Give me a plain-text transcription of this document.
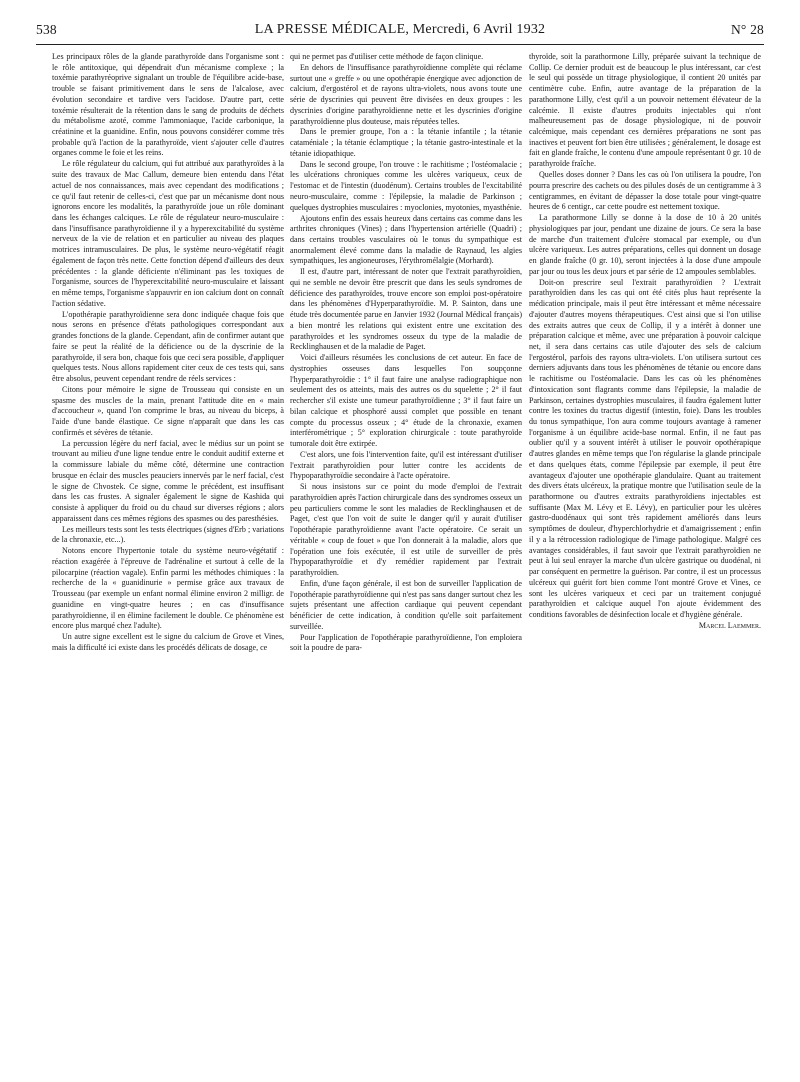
538	LA PRESSE MÉDICALE, Mercredi, 6 Avril 1932	N° 28

Les principaux rôles de la glande parathyroïde dans l'organisme sont : le rôle antitoxique, qui dépendrait d'un mécanisme complexe ; la toxémie parathyréoprive signalant un trouble de l'équilibre acide-base, trouble se faisant primitivement dans le sens de l'alcalose, avec évolution secondaire et tardive vers l'acidose. D'autre part, cette toxémie résulterait de la rétention dans le sang de produits de déchets du métabolisme azoté, comme l'ammoniaque, l'acide carbonique, la créatinine et la guanidine. Enfin, nous pouvons considérer comme très probable qu'à l'action de la parathyroïde, vient s'ajouter celle d'autres organes comme le foie et les reins.

Le rôle régulateur du calcium, qui fut attribué aux parathyroïdes à la suite des travaux de Mac Callum, demeure bien entendu dans l'état actuel de nos connaissances, mais avec cependant des modifications ; ce qu'il faut retenir de celles-ci, c'est que par un mécanisme dont nous ignorons encore les modalités, la parathyroïde joue un rôle dominant dans les échanges calciques. Le rôle de régulateur neuro-musculaire : dans l'insuffisance parathyroïdienne il y a hyperexcitabilité du système nerveux de la vie de relation et en particulier au niveau des plaques motrices intramusculaires. De plus, le système neuro-végétatif réagit également de façon très nette. Cette fonction dépend d'ailleurs des deux précédentes : la glande déficiente n'éliminant pas les toxiques de l'organisme, sources de l'hyperexcitabilité neuro-musculaire et laissant en même temps, l'organisme s'appauvrir en ion calcium dont on connaît l'action sédative.

L'opothérapie parathyroïdienne sera donc indiquée chaque fois que nous serons en présence d'états pathologiques correspondant aux grandes fonctions de la glande. Cependant, afin de confirmer autant que faire se peut la réalité de la déficience ou de la dyscrinie de la parathyroïde, il sera bon, chaque fois que ceci sera possible, d'appliquer quelques tests. Nous allons rapidement citer ceux de ces tests qui, sans être absolus, peuvent cependant rendre de réels services :

Citons pour mémoire le signe de Trousseau qui consiste en un spasme des muscles de la main, prenant l'attitude dite en « main d'accoucheur », quand l'on comprime le bras, au niveau du biceps, à l'aide d'une bande élastique. Ce signe n'apparaît que dans les cas confirmés et sévères de tétanie.

La percussion légère du nerf facial, avec le médius sur un point se trouvant au milieu d'une ligne tendue entre le conduit auditif externe et la commissure labiale du même côté, détermine une contraction brusque en éclair des muscles peauciers innervés par le nerf facial, c'est le signe de Chvostek. Ce signe, comme le précédent, est insuffisant dans les cas frustes. A signaler également le signe de Kashida qui consiste à appliquer du froid ou du chaud sur diverses régions ; alors apparaissent dans ces mêmes régions des spasmes ou des paresthésies.

Les meilleurs tests sont les tests électriques (signes d'Erb ; variations de la chronaxie, etc...).

Notons encore l'hypertonie totale du système neuro-végétatif : réaction exagérée à l'épreuve de l'adrénaline et surtout à celle de la pilocarpine (réaction vagale). Enfin parmi les méthodes chimiques : la recherche de la « guanidinurie » permise grâce aux travaux de Trousseau (par exemple un enfant normal élimine environ 2 milligr. de guanidine en vingt-quatre heures ; en cas d'insuffisance parathyroïdienne, il en élimine facilement le double. Ce phénomène est encore plus marqué chez l'adulte).

Un autre signe excellent est le signe du calcium de Grove et Vines, mais la difficulté ici existe dans les procédés délicats de dosage, ce

qui ne permet pas d'utiliser cette méthode de façon clinique.

En dehors de l'insuffisance parathyroïdienne complète qui réclame surtout une « greffe » ou une opothérapie énergique avec adjonction de calcium, d'ergostérol et de rayons ultra-violets, nous avons toute une série de dyscrinies qui peuvent être divisées en deux groupes : les dyscrinies d'origine parathyroïdienne nette et les dyscrinies d'origine parathyroïdienne plus douteuse, mais réputées telles.

Dans le premier groupe, l'on a : la tétanie infantile ; la tétanie cataméniale ; la tétanie éclamptique ; la tétanie gastro-intestinale et la tétanie idiopathique.

Dans le second groupe, l'on trouve : le rachitisme ; l'ostéomalacie ; les ulcérations chroniques comme les ulcères variqueux, ceux de l'estomac et de l'intestin (duodénum). Certains troubles de l'excitabilité neuro-musculaire, comme : l'épilepsie, la maladie de Parkinson ; quelques dystrophies musculaires : myoclonies, myotonies, myasthénie.

Ajoutons enfin des essais heureux dans certains cas comme dans les arthrites chroniques (Vines) ; dans l'hypertension artérielle (Quadri) ; dans certains troubles vasculaires où le tonus du sympathique est anormalement élevé comme dans la maladie de Raynaud, les algies sympathiques, les angioneuroses, l'érythromélalgie (Morhardt).

Il est, d'autre part, intéressant de noter que l'extrait parathyroïdien, qui ne semble ne devoir être prescrit que dans les seuls syndromes de déficience des parathyroïdes, trouve encore son emploi post-opératoire dans les phénomènes d'Hyperparathyroïdie. M. P. Sainton, dans une étude très documentée parue en Janvier 1932 (Journal Médical français) a bien montré les relations qui existent entre une excitation des parathyroïdes et les syndromes osseux du type de la maladie de Recklinghausen et de la maladie de Paget.

Voici d'ailleurs résumées les conclusions de cet auteur. En face de dystrophies osseuses dans lesquelles l'on soupçonne l'hyperparathyroïdie : 1° il faut faire une analyse radiographique non seulement des os atteints, mais des autres os du squelette ; 2° il faut rechercher s'il existe une tumeur parathyroïdienne ; 3° il faut faire un bilan calcique et phosphoré aussi complet que possible en tenant compte du processus osseux ; 4° étude de la chronaxie, examen interférométrique ; 5° exploration chirurgicale : toute parathyroïde tumorale doit être extirpée.

C'est alors, une fois l'intervention faite, qu'il est intéressant d'utiliser l'extrait parathyroïdien pour lutter contre les accidents de l'hypoparathyroïdie secondaire à l'acte opératoire.

Si nous insistons sur ce point du mode d'emploi de l'extrait parathyroïdien après l'action chirurgicale dans des syndromes osseux un peu particuliers comme le sont les maladies de Recklinghausen et de Paget, c'est que l'on voit de suite le danger qu'il y aurait d'utiliser l'opothérapie parathyroïdienne avant l'acte opératoire. Ce serait un véritable « coup de fouet » que l'on donnerait à la maladie, alors que l'opération une fois exécutée, il est utile de surveiller de près l'hypoparathyroïdie et d'y remédier rapidement par l'extrait parathyroïdien.

Enfin, d'une façon générale, il est bon de surveiller l'application de l'opothérapie parathyroïdienne qui n'est pas sans danger surtout chez les sujets présentant une affection cardiaque qui peuvent cependant bénéficier de cette indication, à condition qu'elle soit parfaitement surveillée.

Pour l'application de l'opothérapie parathyroïdienne, l'on emploiera soit la poudre de para-

thyroïde, soit la parathormone Lilly, préparée suivant la technique de Collip. Ce dernier produit est de beaucoup le plus intéressant, car c'est le seul qui possède un titrage physiologique, il contient 20 unités par centimètre cube. Enfin, autre avantage de la préparation de la parathormone Lilly, c'est qu'il a un pouvoir nettement élévateur de la calcémie. Il existe d'autres produits injectables qui n'ont malheureusement pas de dosage physiologique, ni de pouvoir calcémique, mais cependant ces dernières préparations ne sont pas inactives et peuvent fort bien être utilisées ; généralement, le dosage est fait en glande fraîche, le contenu d'une ampoule représentant 0 gr. 10 de parathyroïde fraîche.

Quelles doses donner ? Dans les cas où l'on utilisera la poudre, l'on pourra prescrire des cachets ou des pilules dosés de un centigramme à 3 centigrammes, en évitant de dépasser la dose totale pour vingt-quatre heures de 6 centigr., car cette poudre est nettement toxique.

La parathormone Lilly se donne à la dose de 10 à 20 unités physiologiques par jour, pendant une dizaine de jours. Ce sera la base de marche d'un traitement d'ulcère stomacal par exemple, ou d'un ulcère variqueux. Les autres préparations, celles qui donnent un dosage en glande fraîche (0 gr. 10), seront injectées à la dose d'une ampoule par jour ou tous les deux jours et par série de 12 ampoules semblables.

Doit-on prescrire seul l'extrait parathyroïdien ? L'extrait parathyroïdien dans les cas qui ont été cités plus haut représente la médication principale, mais il peut être intéressant et même nécessaire d'ajouter d'autres moyens thérapeutiques. C'est ainsi que si l'on utilise des extraits autres que ceux de Collip, il y a intérêt à donner une préparation calcique et même, avec une préparation à pouvoir calcique net, il sera dans certains cas utile d'ajouter des sels de calcium l'ergostérol, parfois des rayons ultra-violets. L'on utilisera surtout ces derniers adjuvants dans tous les phénomènes de tétanie ou encore dans le rachitisme ou l'ostéomalacie. Dans les cas où les phénomènes d'intoxication sont flagrants comme dans l'épilepsie, la maladie de Parkinson, certaines dystrophies musculaires, il faudra également lutter contre les toxines du tractus digestif (intestin, foie). Dans les troubles du tonus sympathique, l'on aura comme toujours avantage à ramener l'organisme à un équilibre acide-base normal. Enfin, il ne faut pas oublier qu'il y a souvent intérêt à utiliser le pouvoir opothérapique d'autres glandes en même temps que l'on régularise la glande principale et dans quelques états, comme l'épilepsie par exemple, il peut être avantageux d'ajouter une opothérapie glandulaire. Quant au traitement des divers états ulcéreux, la pratique montre que l'utilisation seule de la parathormone ou d'autres extraits parathyroïdiens injectables est suffisante (Max M. Lévy et E. Lévy), en particulier pour les ulcères gastro-duodénaux qui sont très rapidement améliorés dans leurs symptômes de douleur, d'hyperchlorhydrie et d'amaigrissement ; enfin il y a la rétrocession radiologique de l'image pathologique. Malgré ces avantages considérables, il faut savoir que l'extrait parathyroïdien ne peut à lui seul enrayer la marche d'un ulcère gastrique ou duodénal, ni par conséquent en permettre la guérison. Par contre, il est un processus ulcéreux qui guérit fort bien comme l'ont montré Grove et Vines, ce sont les ulcères variqueux et ceci par un traitement conjugué parathyroïdien et calcique auquel l'on ajoute évidemment des conditions favorables de désinfection locale et d'hygiène générale.

Marcel Laemmer.
